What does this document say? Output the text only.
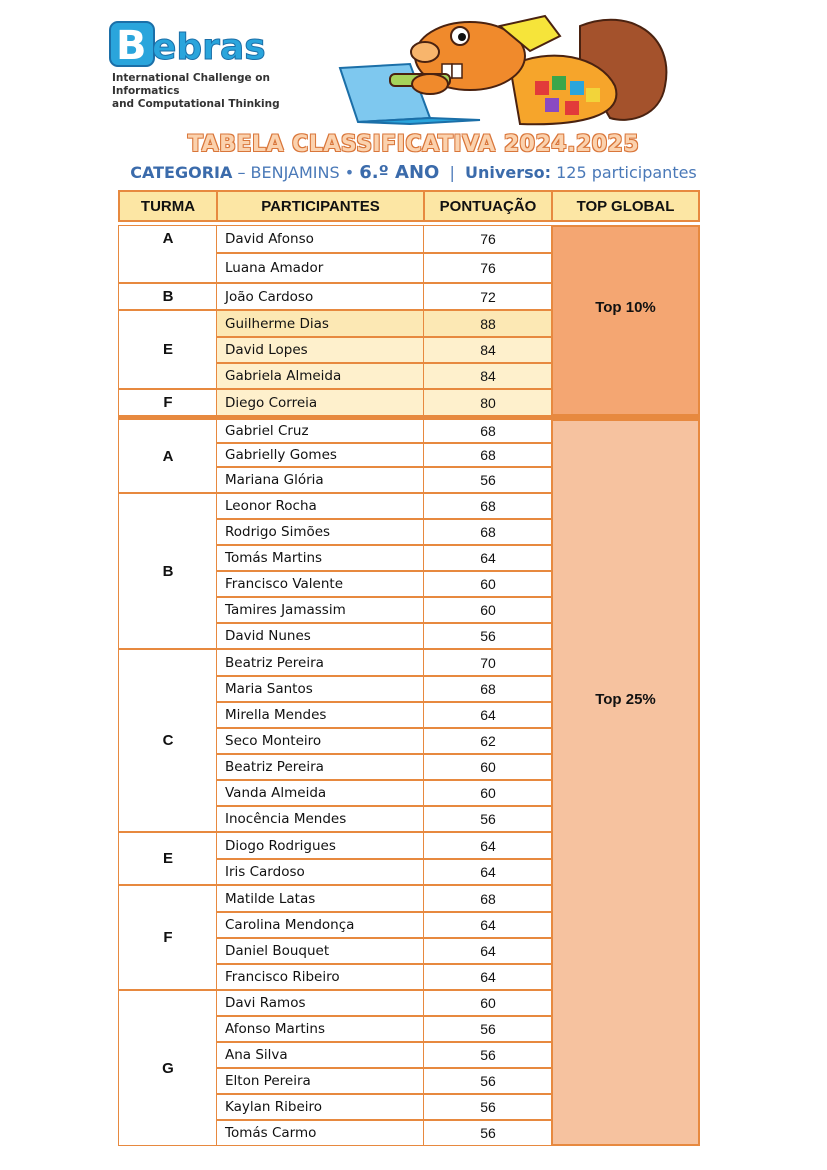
B ebras
International Challenge on Informatics
and Computational Thinking
TABELA CLASSIFICATIVA 2024.2025
CATEGORIA – BENJAMINS • 6.º ANO  |  Universo: 125 participantes
TURMA	PARTICIPANTES	PONTUAÇÃO	TOP GLOBAL
A	David Afonso	76
Luana Amador	76
B	João Cardoso	72
E
Guilherme Dias	88
David Lopes	84
Gabriela Almeida	84
F	Diego Correia	80
Top 10%
A
Gabriel Cruz	68
Gabrielly Gomes	68
Mariana Glória	56
B
Leonor Rocha	68
Rodrigo Simões	68
Tomás Martins	64
Francisco Valente	60
Tamires Jamassim	60
David Nunes	56
C
Beatriz Pereira	70
Maria Santos	68
Mirella Mendes	64
Seco Monteiro	62
Beatriz Pereira	60
Vanda Almeida	60
Inocência Mendes	56
E
Diogo Rodrigues	64
Iris Cardoso	64
F
Matilde Latas	68
Carolina Mendonça	64
Daniel Bouquet	64
Francisco Ribeiro	64
G
Davi Ramos	60
Afonso Martins	56
Ana Silva	56
Elton Pereira	56
Kaylan Ribeiro	56
Tomás Carmo	56
Top 25%
